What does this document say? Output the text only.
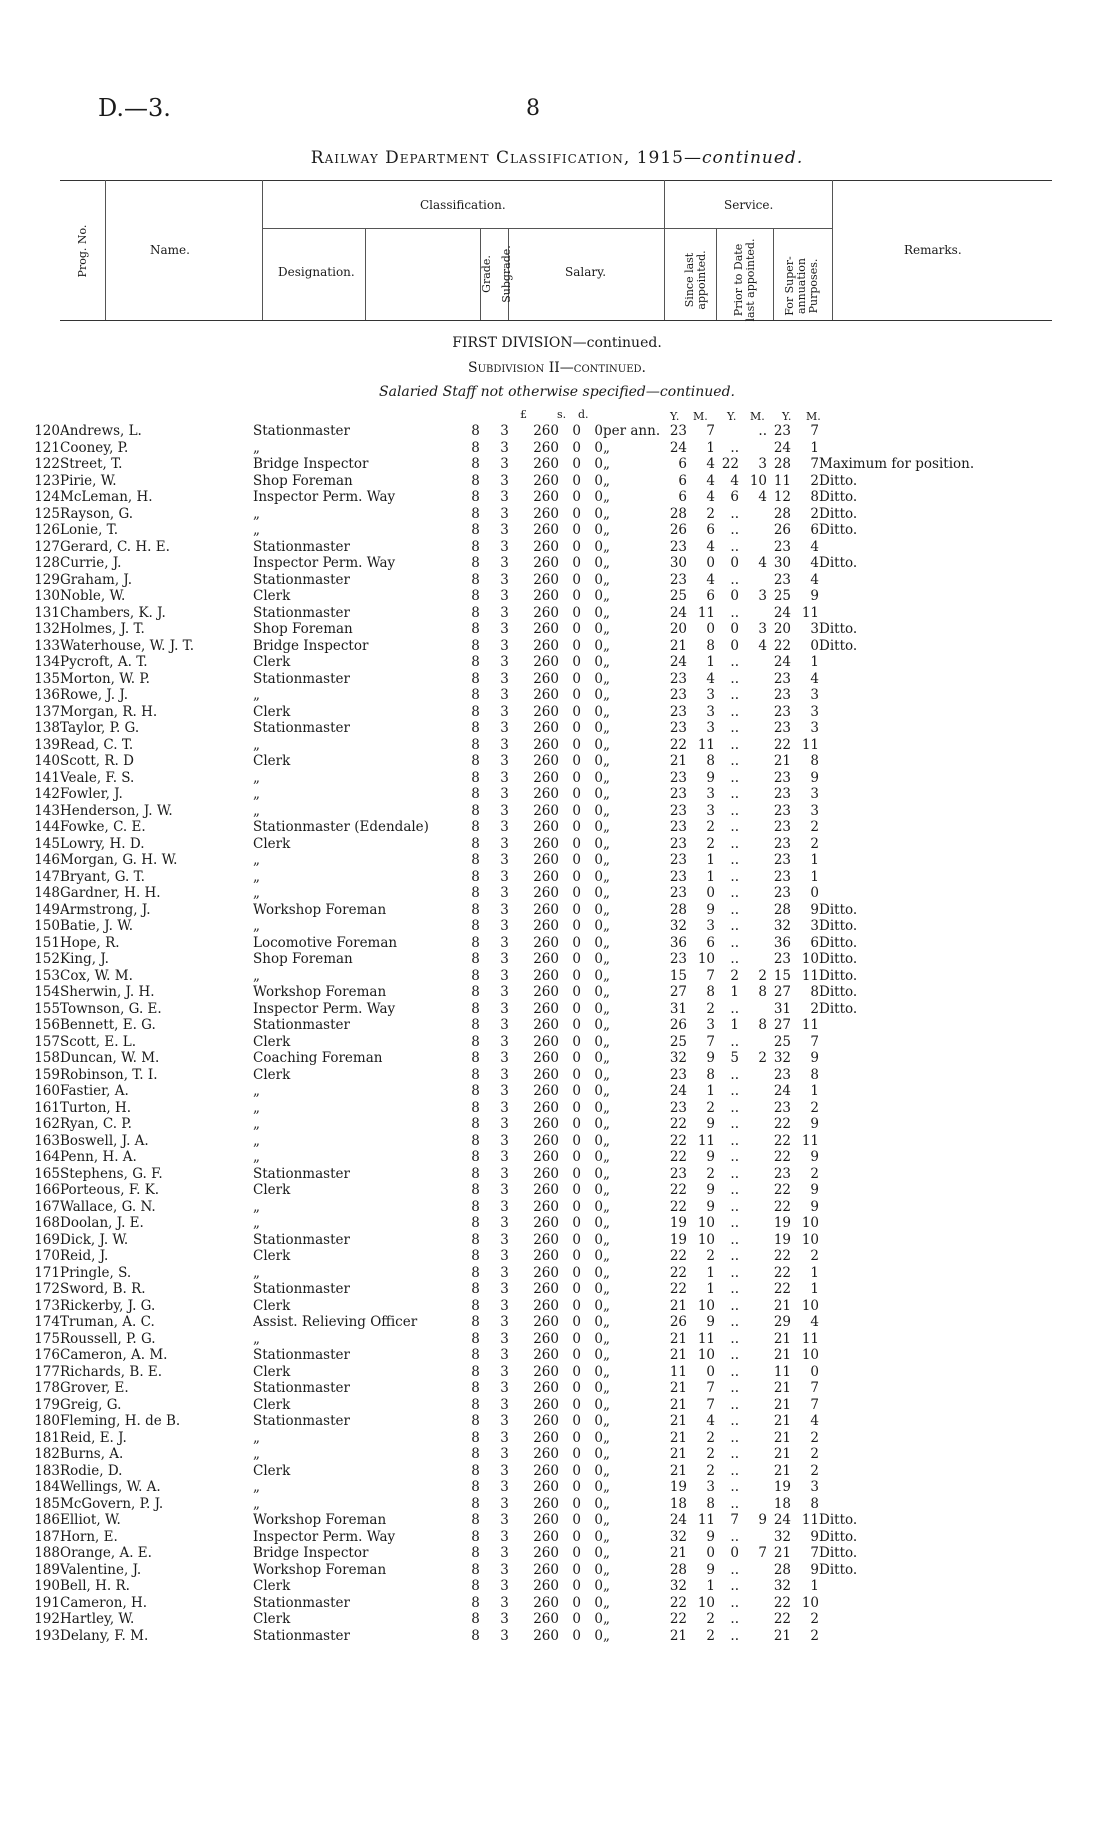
D.—3.	8
Railway Department Classification, 1915—continued.
Prog. No.	Name.
Classification.	Service.
Designation.	Grade. Subgrade.	Salary.	Since last appointed. Prior to Date last appointed. For Super-annuation Purposes.
Remarks.
FIRST DIVISION—continued.
Subdivision II—continued.
Salaried Staff not otherwise specified—continued.
£	s. d.	Y. M. Y. M. Y. M.
120	Andrews, L.	Stationmaster	8	3	260	0	0	per ann.	23	7		..	23	7	
121	Cooney, P.	„	8	3	260	0	0	„	24	1	..		24	1	
122	Street, T.	Bridge Inspector	8	3	260	0	0	„	6	4	22	3	28	7	Maximum for position.
123	Pirie, W.	Shop Foreman	8	3	260	0	0	„	6	4	4	10	11	2	Ditto.
124	McLeman, H.	Inspector Perm. Way	8	3	260	0	0	„	6	4	6	4	12	8	Ditto.
125	Rayson, G.	„	8	3	260	0	0	„	28	2	..		28	2	Ditto.
126	Lonie, T.	„	8	3	260	0	0	„	26	6	..		26	6	Ditto.
127	Gerard, C. H. E.	Stationmaster	8	3	260	0	0	„	23	4	..		23	4	
128	Currie, J.	Inspector Perm. Way	8	3	260	0	0	„	30	0	0	4	30	4	Ditto.
129	Graham, J.	Stationmaster	8	3	260	0	0	„	23	4	..		23	4	
130	Noble, W.	Clerk	8	3	260	0	0	„	25	6	0	3	25	9	
131	Chambers, K. J.	Stationmaster	8	3	260	0	0	„	24	11	..		24	11	
132	Holmes, J. T.	Shop Foreman	8	3	260	0	0	„	20	0	0	3	20	3	Ditto.
133	Waterhouse, W. J. T.	Bridge Inspector	8	3	260	0	0	„	21	8	0	4	22	0	Ditto.
134	Pycroft, A. T.	Clerk	8	3	260	0	0	„	24	1	..		24	1	
135	Morton, W. P.	Stationmaster	8	3	260	0	0	„	23	4	..		23	4	
136	Rowe, J. J.	„	8	3	260	0	0	„	23	3	..		23	3	
137	Morgan, R. H.	Clerk	8	3	260	0	0	„	23	3	..		23	3	
138	Taylor, P. G.	Stationmaster	8	3	260	0	0	„	23	3	..		23	3	
139	Read, C. T.	„	8	3	260	0	0	„	22	11	..		22	11	
140	Scott, R. D	Clerk	8	3	260	0	0	„	21	8	..		21	8	
141	Veale, F. S.	„	8	3	260	0	0	„	23	9	..		23	9	
142	Fowler, J.	„	8	3	260	0	0	„	23	3	..		23	3	
143	Henderson, J. W.	„	8	3	260	0	0	„	23	3	..		23	3	
144	Fowke, C. E.	Stationmaster (Edendale)	8	3	260	0	0	„	23	2	..		23	2	
145	Lowry, H. D.	Clerk	8	3	260	0	0	„	23	2	..		23	2	
146	Morgan, G. H. W.	„	8	3	260	0	0	„	23	1	..		23	1	
147	Bryant, G. T.	„	8	3	260	0	0	„	23	1	..		23	1	
148	Gardner, H. H.	„	8	3	260	0	0	„	23	0	..		23	0	
149	Armstrong, J.	Workshop Foreman	8	3	260	0	0	„	28	9	..		28	9	Ditto.
150	Batie, J. W.	„	8	3	260	0	0	„	32	3	..		32	3	Ditto.
151	Hope, R.	Locomotive Foreman	8	3	260	0	0	„	36	6	..		36	6	Ditto.
152	King, J.	Shop Foreman	8	3	260	0	0	„	23	10	..		23	10	Ditto.
153	Cox, W. M.	„	8	3	260	0	0	„	15	7	2	2	15	11	Ditto.
154	Sherwin, J. H.	Workshop Foreman	8	3	260	0	0	„	27	8	1	8	27	8	Ditto.
155	Townson, G. E.	Inspector Perm. Way	8	3	260	0	0	„	31	2	..		31	2	Ditto.
156	Bennett, E. G.	Stationmaster	8	3	260	0	0	„	26	3	1	8	27	11	
157	Scott, E. L.	Clerk	8	3	260	0	0	„	25	7	..		25	7	
158	Duncan, W. M.	Coaching Foreman	8	3	260	0	0	„	32	9	5	2	32	9	
159	Robinson, T. I.	Clerk	8	3	260	0	0	„	23	8	..		23	8	
160	Fastier, A.	„	8	3	260	0	0	„	24	1	..		24	1	
161	Turton, H.	„	8	3	260	0	0	„	23	2	..		23	2	
162	Ryan, C. P.	„	8	3	260	0	0	„	22	9	..		22	9	
163	Boswell, J. A.	„	8	3	260	0	0	„	22	11	..		22	11	
164	Penn, H. A.	„	8	3	260	0	0	„	22	9	..		22	9	
165	Stephens, G. F.	Stationmaster	8	3	260	0	0	„	23	2	..		23	2	
166	Porteous, F. K.	Clerk	8	3	260	0	0	„	22	9	..		22	9	
167	Wallace, G. N.	„	8	3	260	0	0	„	22	9	..		22	9	
168	Doolan, J. E.	„	8	3	260	0	0	„	19	10	..		19	10	
169	Dick, J. W.	Stationmaster	8	3	260	0	0	„	19	10	..		19	10	
170	Reid, J.	Clerk	8	3	260	0	0	„	22	2	..		22	2	
171	Pringle, S.	„	8	3	260	0	0	„	22	1	..		22	1	
172	Sword, B. R.	Stationmaster	8	3	260	0	0	„	22	1	..		22	1	
173	Rickerby, J. G.	Clerk	8	3	260	0	0	„	21	10	..		21	10	
174	Truman, A. C.	Assist. Relieving Officer	8	3	260	0	0	„	26	9	..		29	4	
175	Roussell, P. G.	„	8	3	260	0	0	„	21	11	..		21	11	
176	Cameron, A. M.	Stationmaster	8	3	260	0	0	„	21	10	..		21	10	
177	Richards, B. E.	Clerk	8	3	260	0	0	„	11	0	..		11	0	
178	Grover, E.	Stationmaster	8	3	260	0	0	„	21	7	..		21	7	
179	Greig, G.	Clerk	8	3	260	0	0	„	21	7	..		21	7	
180	Fleming, H. de B.	Stationmaster	8	3	260	0	0	„	21	4	..		21	4	
181	Reid, E. J.	„	8	3	260	0	0	„	21	2	..		21	2	
182	Burns, A.	„	8	3	260	0	0	„	21	2	..		21	2	
183	Rodie, D.	Clerk	8	3	260	0	0	„	21	2	..		21	2	
184	Wellings, W. A.	„	8	3	260	0	0	„	19	3	..		19	3	
185	McGovern, P. J.	„	8	3	260	0	0	„	18	8	..		18	8	
186	Elliot, W.	Workshop Foreman	8	3	260	0	0	„	24	11	7	9	24	11	Ditto.
187	Horn, E.	Inspector Perm. Way	8	3	260	0	0	„	32	9	..		32	9	Ditto.
188	Orange, A. E.	Bridge Inspector	8	3	260	0	0	„	21	0	0	7	21	7	Ditto.
189	Valentine, J.	Workshop Foreman	8	3	260	0	0	„	28	9	..		28	9	Ditto.
190	Bell, H. R.	Clerk	8	3	260	0	0	„	32	1	..		32	1	
191	Cameron, H.	Stationmaster	8	3	260	0	0	„	22	10	..		22	10	
192	Hartley, W.	Clerk	8	3	260	0	0	„	22	2	..		22	2	
193	Delany, F. M.	Stationmaster	8	3	260	0	0	„	21	2	..		21	2	
